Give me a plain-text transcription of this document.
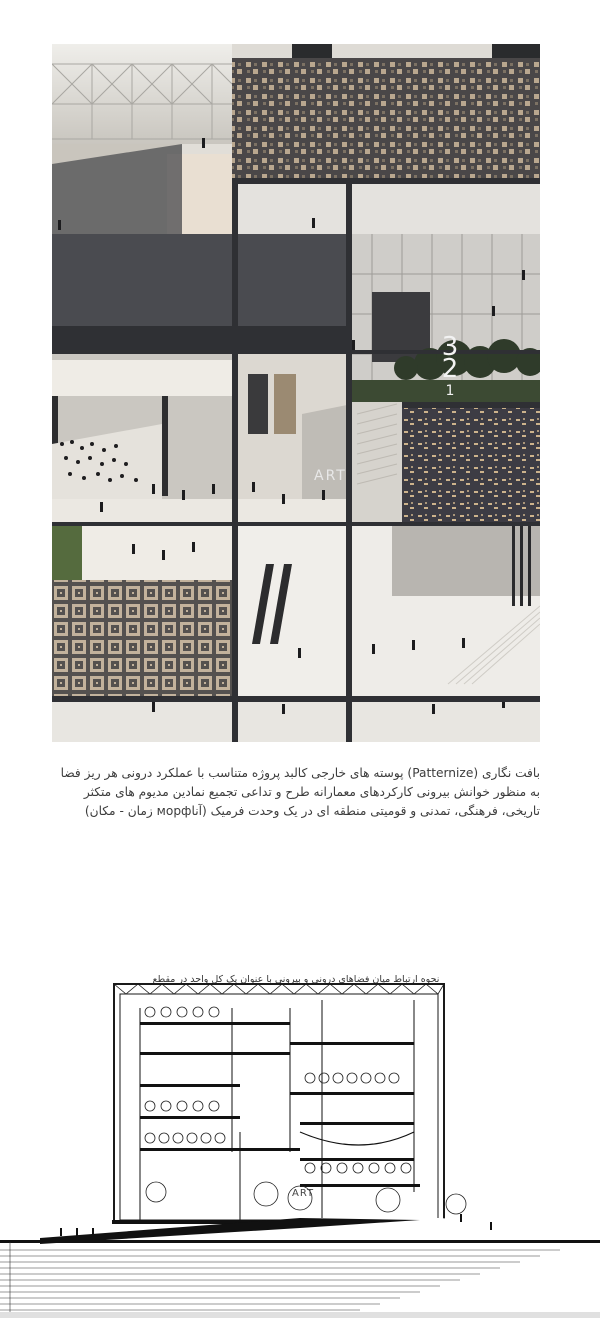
3
2
1
ART
بافت نگاری (Patternize) پوسته های خارجی کالبد پروژه متناسب با عملکرد درونی هر ریز فضا
به منظور خوانش بیرونی کارکردهای معمارانه طرح و تداعی تجمیع نمادین مدیوم های متکثر
تاریخی، فرهنگی، تمدنی و قومیتی منطقه ای در یک وحدت فرمیک (آناморф زمان - مکان)

نحوه ارتباط میان فضاهای درونی و بیرونی با عنوان یک کل واحد در مقطع

ART
